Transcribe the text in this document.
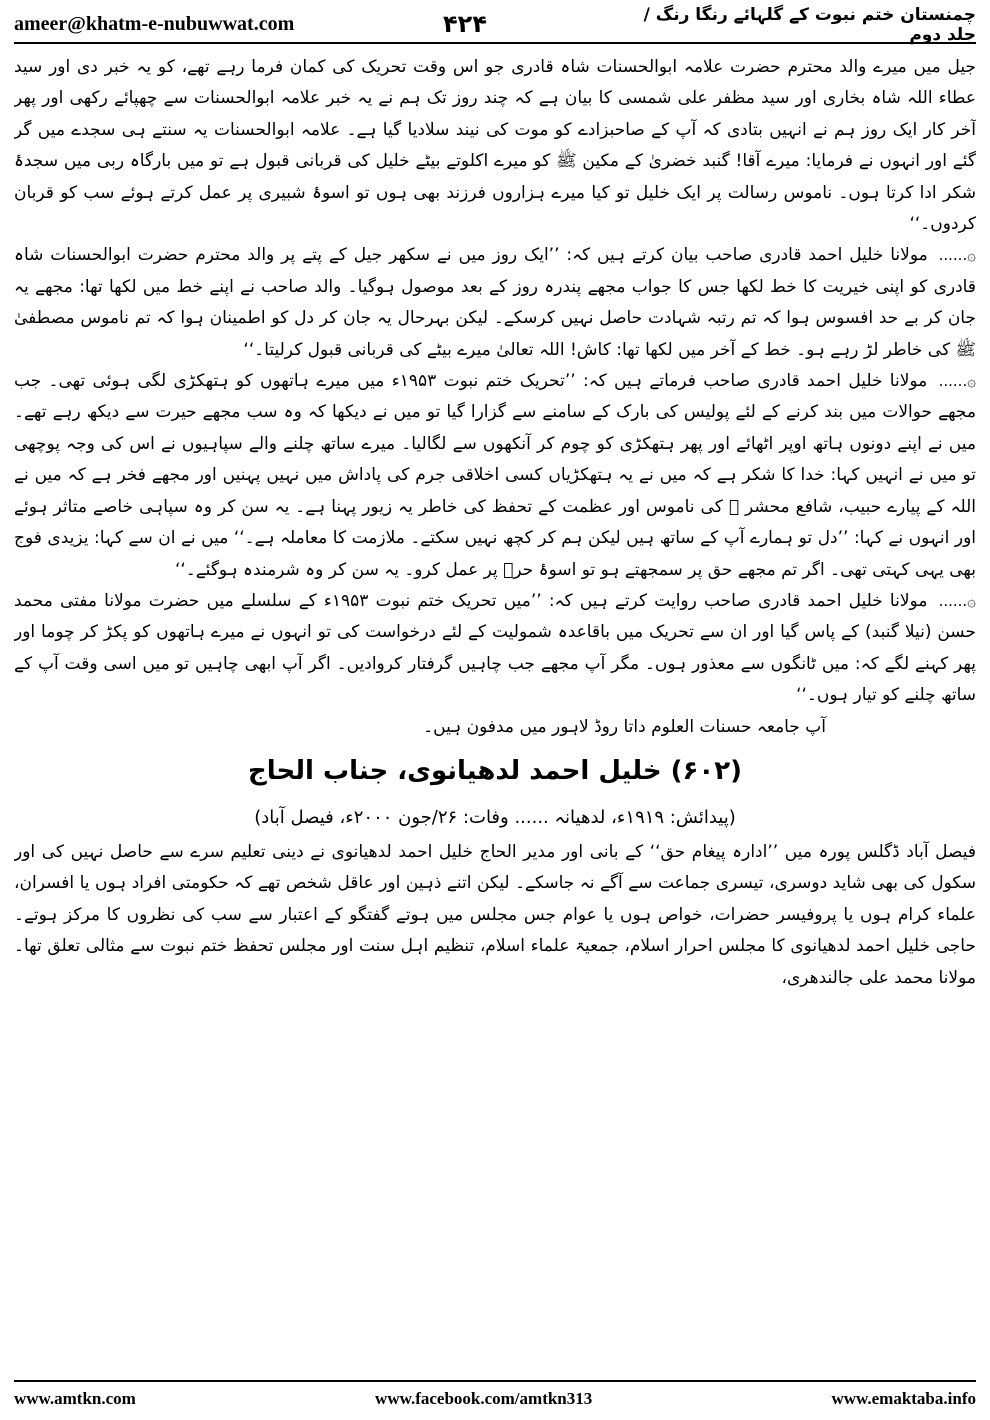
ameer@khatm-e-nubuwwat.com	۴۲۴	چمنستان ختم نبوت کے گلہائے رنگا رنگ / جلد دوم

جیل میں میرے والد محترم حضرت علامہ ابوالحسنات شاہ قادری جو اس وقت تحریک کی کمان فرما رہے تھے، کو یہ خبر دی اور سید عطاء اللہ شاہ بخاری اور سید مظفر علی شمسی کا بیان ہے کہ چند روز تک ہم نے یہ خبر علامہ ابوالحسنات سے چھپائے رکھی اور پھر آخر کار ایک روز ہم نے انہیں بتادی کہ آپ کے صاحبزادے کو موت کی نیند سلادیا گیا ہے۔ علامہ ابوالحسنات یہ سنتے ہی سجدے میں گر گئے اور انہوں نے فرمایا: میرے آقا! گنبد خضریٰ کے مکین ﷺ کو میرے اکلوتے بیٹے خلیل کی قربانی قبول ہے تو میں بارگاہ ربی میں سجدۂ شکر ادا کرتا ہوں۔ ناموس رسالت پر ایک خلیل تو کیا میرے ہزاروں فرزند بھی ہوں تو اسوۂ شبیری پر عمل کرتے ہوئے سب کو قربان کردوں۔‘‘

۞...... مولانا خلیل احمد قادری صاحب بیان کرتے ہیں کہ: ’’ایک روز میں نے سکھر جیل کے پتے پر والد محترم حضرت ابوالحسنات شاہ قادری کو اپنی خیریت کا خط لکھا جس کا جواب مجھے پندرہ روز کے بعد موصول ہوگیا۔ والد صاحب نے اپنے خط میں لکھا تھا: مجھے یہ جان کر بے حد افسوس ہوا کہ تم رتبہ شہادت حاصل نہیں کرسکے۔ لیکن بہرحال یہ جان کر دل کو اطمینان ہوا کہ تم ناموس مصطفیٰ ﷺ کی خاطر لڑ رہے ہو۔ خط کے آخر میں لکھا تھا: کاش! اللہ تعالیٰ میرے بیٹے کی قربانی قبول کرلیتا۔‘‘

۞...... مولانا خلیل احمد قادری صاحب فرماتے ہیں کہ: ’’تحریک ختم نبوت ۱۹۵۳ء میں میرے ہاتھوں کو ہتھکڑی لگی ہوئی تھی۔ جب مجھے حوالات میں بند کرنے کے لئے پولیس کی بارک کے سامنے سے گزارا گیا تو میں نے دیکھا کہ وہ سب مجھے حیرت سے دیکھ رہے تھے۔ میں نے اپنے دونوں ہاتھ اوپر اٹھائے اور پھر ہتھکڑی کو چوم کر آنکھوں سے لگالیا۔ میرے ساتھ چلنے والے سپاہیوں نے اس کی وجہ پوچھی تو میں نے انہیں کہا: خدا کا شکر ہے کہ میں نے یہ ہتھکڑیاں کسی اخلاقی جرم کی پاداش میں نہیں پہنیں اور مجھے فخر ہے کہ میں نے اللہ کے پیارے حبیب، شافع محشر ﷺ کی ناموس اور عظمت کے تحفظ کی خاطر یہ زیور پہنا ہے۔ یہ سن کر وہ سپاہی خاصے متاثر ہوئے اور انہوں نے کہا: ’’دل تو ہمارے آپ کے ساتھ ہیں لیکن ہم کر کچھ نہیں سکتے۔ ملازمت کا معاملہ ہے۔‘‘ میں نے ان سے کہا: یزیدی فوج بھی یہی کہتی تھی۔ اگر تم مجھے حق پر سمجھتے ہو تو اسوۂ حرؓ پر عمل کرو۔ یہ سن کر وہ شرمندہ ہوگئے۔‘‘

۞...... مولانا خلیل احمد قادری صاحب روایت کرتے ہیں کہ: ’’میں تحریک ختم نبوت ۱۹۵۳ء کے سلسلے میں حضرت مولانا مفتی محمد حسن (نیلا گنبد) کے پاس گیا اور ان سے تحریک میں باقاعدہ شمولیت کے لئے درخواست کی تو انہوں نے میرے ہاتھوں کو پکڑ کر چوما اور پھر کہنے لگے کہ: میں ٹانگوں سے معذور ہوں۔ مگر آپ مجھے جب چاہیں گرفتار کروادیں۔ اگر آپ ابھی چاہیں تو میں اسی وقت آپ کے ساتھ چلنے کو تیار ہوں۔‘‘

آپ جامعہ حسنات العلوم داتا روڈ لاہور میں مدفون ہیں۔

(۶۰۲) خلیل احمد لدھیانوی، جناب الحاج

(پیدائش: ۱۹۱۹ء، لدھیانہ ...... وفات: ۲۶/جون ۲۰۰۰ء، فیصل آباد)

فیصل آباد ڈگلس پورہ میں ’’ادارہ پیغام حق‘‘ کے بانی اور مدیر الحاج خلیل احمد لدھیانوی نے دینی تعلیم سرے سے حاصل نہیں کی اور سکول کی بھی شاید دوسری، تیسری جماعت سے آگے نہ جاسکے۔ لیکن اتنے ذہین اور عاقل شخص تھے کہ حکومتی افراد ہوں یا افسران، علماء کرام ہوں یا پروفیسر حضرات، خواص ہوں یا عوام جس مجلس میں ہوتے گفتگو کے اعتبار سے سب کی نظروں کا مرکز ہوتے۔ حاجی خلیل احمد لدھیانوی کا مجلس احرار اسلام، جمعیۃ علماء اسلام، تنظیم اہل سنت اور مجلس تحفظ ختم نبوت سے مثالی تعلق تھا۔ مولانا محمد علی جالندھری،

www.amtkn.com	www.facebook.com/amtkn313	www.emaktaba.info
